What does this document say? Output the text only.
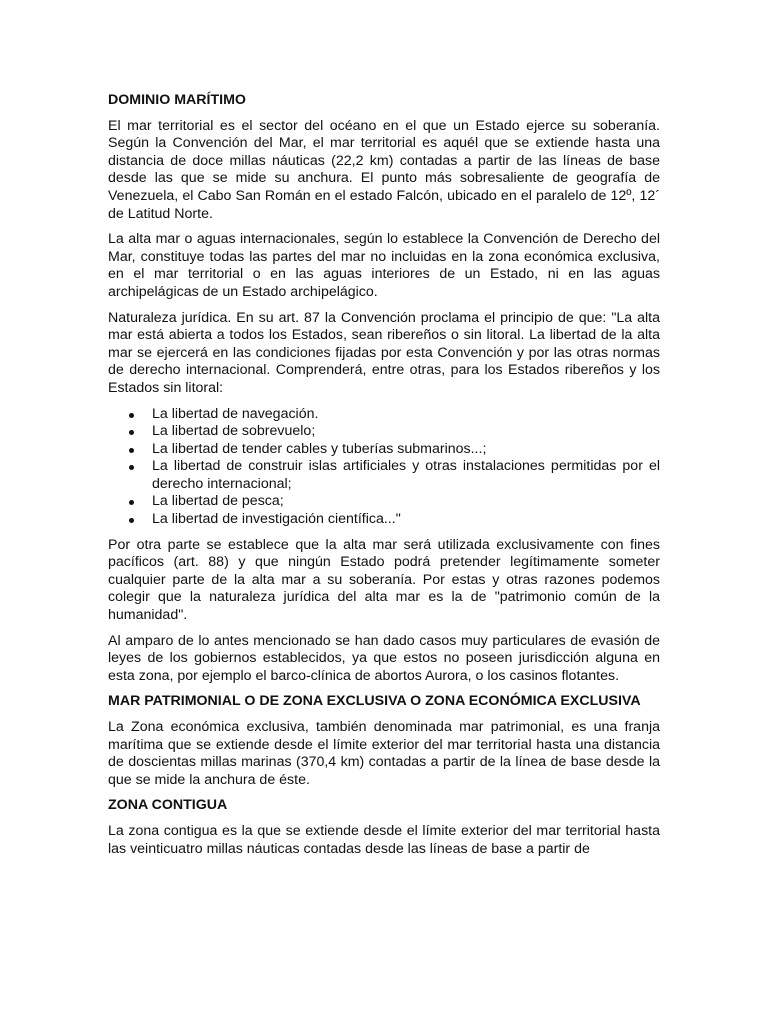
DOMINIO MARÍTIMO

El mar territorial es el sector del océano en el que un Estado ejerce su soberanía. Según la Convención del Mar, el mar territorial es aquél que se extiende hasta una distancia de doce millas náuticas (22,2 km) contadas a partir de las líneas de base desde las que se mide su anchura. El punto más sobresaliente de geografía de Venezuela, el Cabo San Román en el estado Falcón, ubicado en el paralelo de 12º, 12´ de Latitud Norte.

La alta mar o aguas internacionales, según lo establece la Convención de Derecho del Mar, constituye todas las partes del mar no incluidas en la zona económica exclusiva, en el mar territorial o en las aguas interiores de un Estado, ni en las aguas archipelágicas de un Estado archipelágico.

Naturaleza jurídica. En su art. 87 la Convención proclama el principio de que: "La alta mar está abierta a todos los Estados, sean ribereños o sin litoral. La libertad de la alta mar se ejercerá en las condiciones fijadas por esta Convención y por las otras normas de derecho internacional. Comprenderá, entre otras, para los Estados ribereños y los Estados sin litoral:

La libertad de navegación.
La libertad de sobrevuelo;
La libertad de tender cables y tuberías submarinos...;
La libertad de construir islas artificiales y otras instalaciones permitidas por el derecho internacional;
La libertad de pesca;
La libertad de investigación científica..."

Por otra parte se establece que la alta mar será utilizada exclusivamente con fines pacíficos (art. 88) y que ningún Estado podrá pretender legítimamente someter cualquier parte de la alta mar a su soberanía. Por estas y otras razones podemos colegir que la naturaleza jurídica del alta mar es la de "patrimonio común de la humanidad".

Al amparo de lo antes mencionado se han dado casos muy particulares de evasión de leyes de los gobiernos establecidos, ya que estos no poseen jurisdicción alguna en esta zona, por ejemplo el barco-clínica de abortos Aurora, o los casinos flotantes.

MAR PATRIMONIAL O DE ZONA EXCLUSIVA O ZONA ECONÓMICA EXCLUSIVA

La Zona económica exclusiva, también denominada mar patrimonial, es una franja marítima que se extiende desde el límite exterior del mar territorial hasta una distancia de doscientas millas marinas (370,4 km) contadas a partir de la línea de base desde la que se mide la anchura de éste.

ZONA CONTIGUA

La zona contigua es la que se extiende desde el límite exterior del mar territorial hasta las veinticuatro millas náuticas contadas desde las líneas de base a partir de
